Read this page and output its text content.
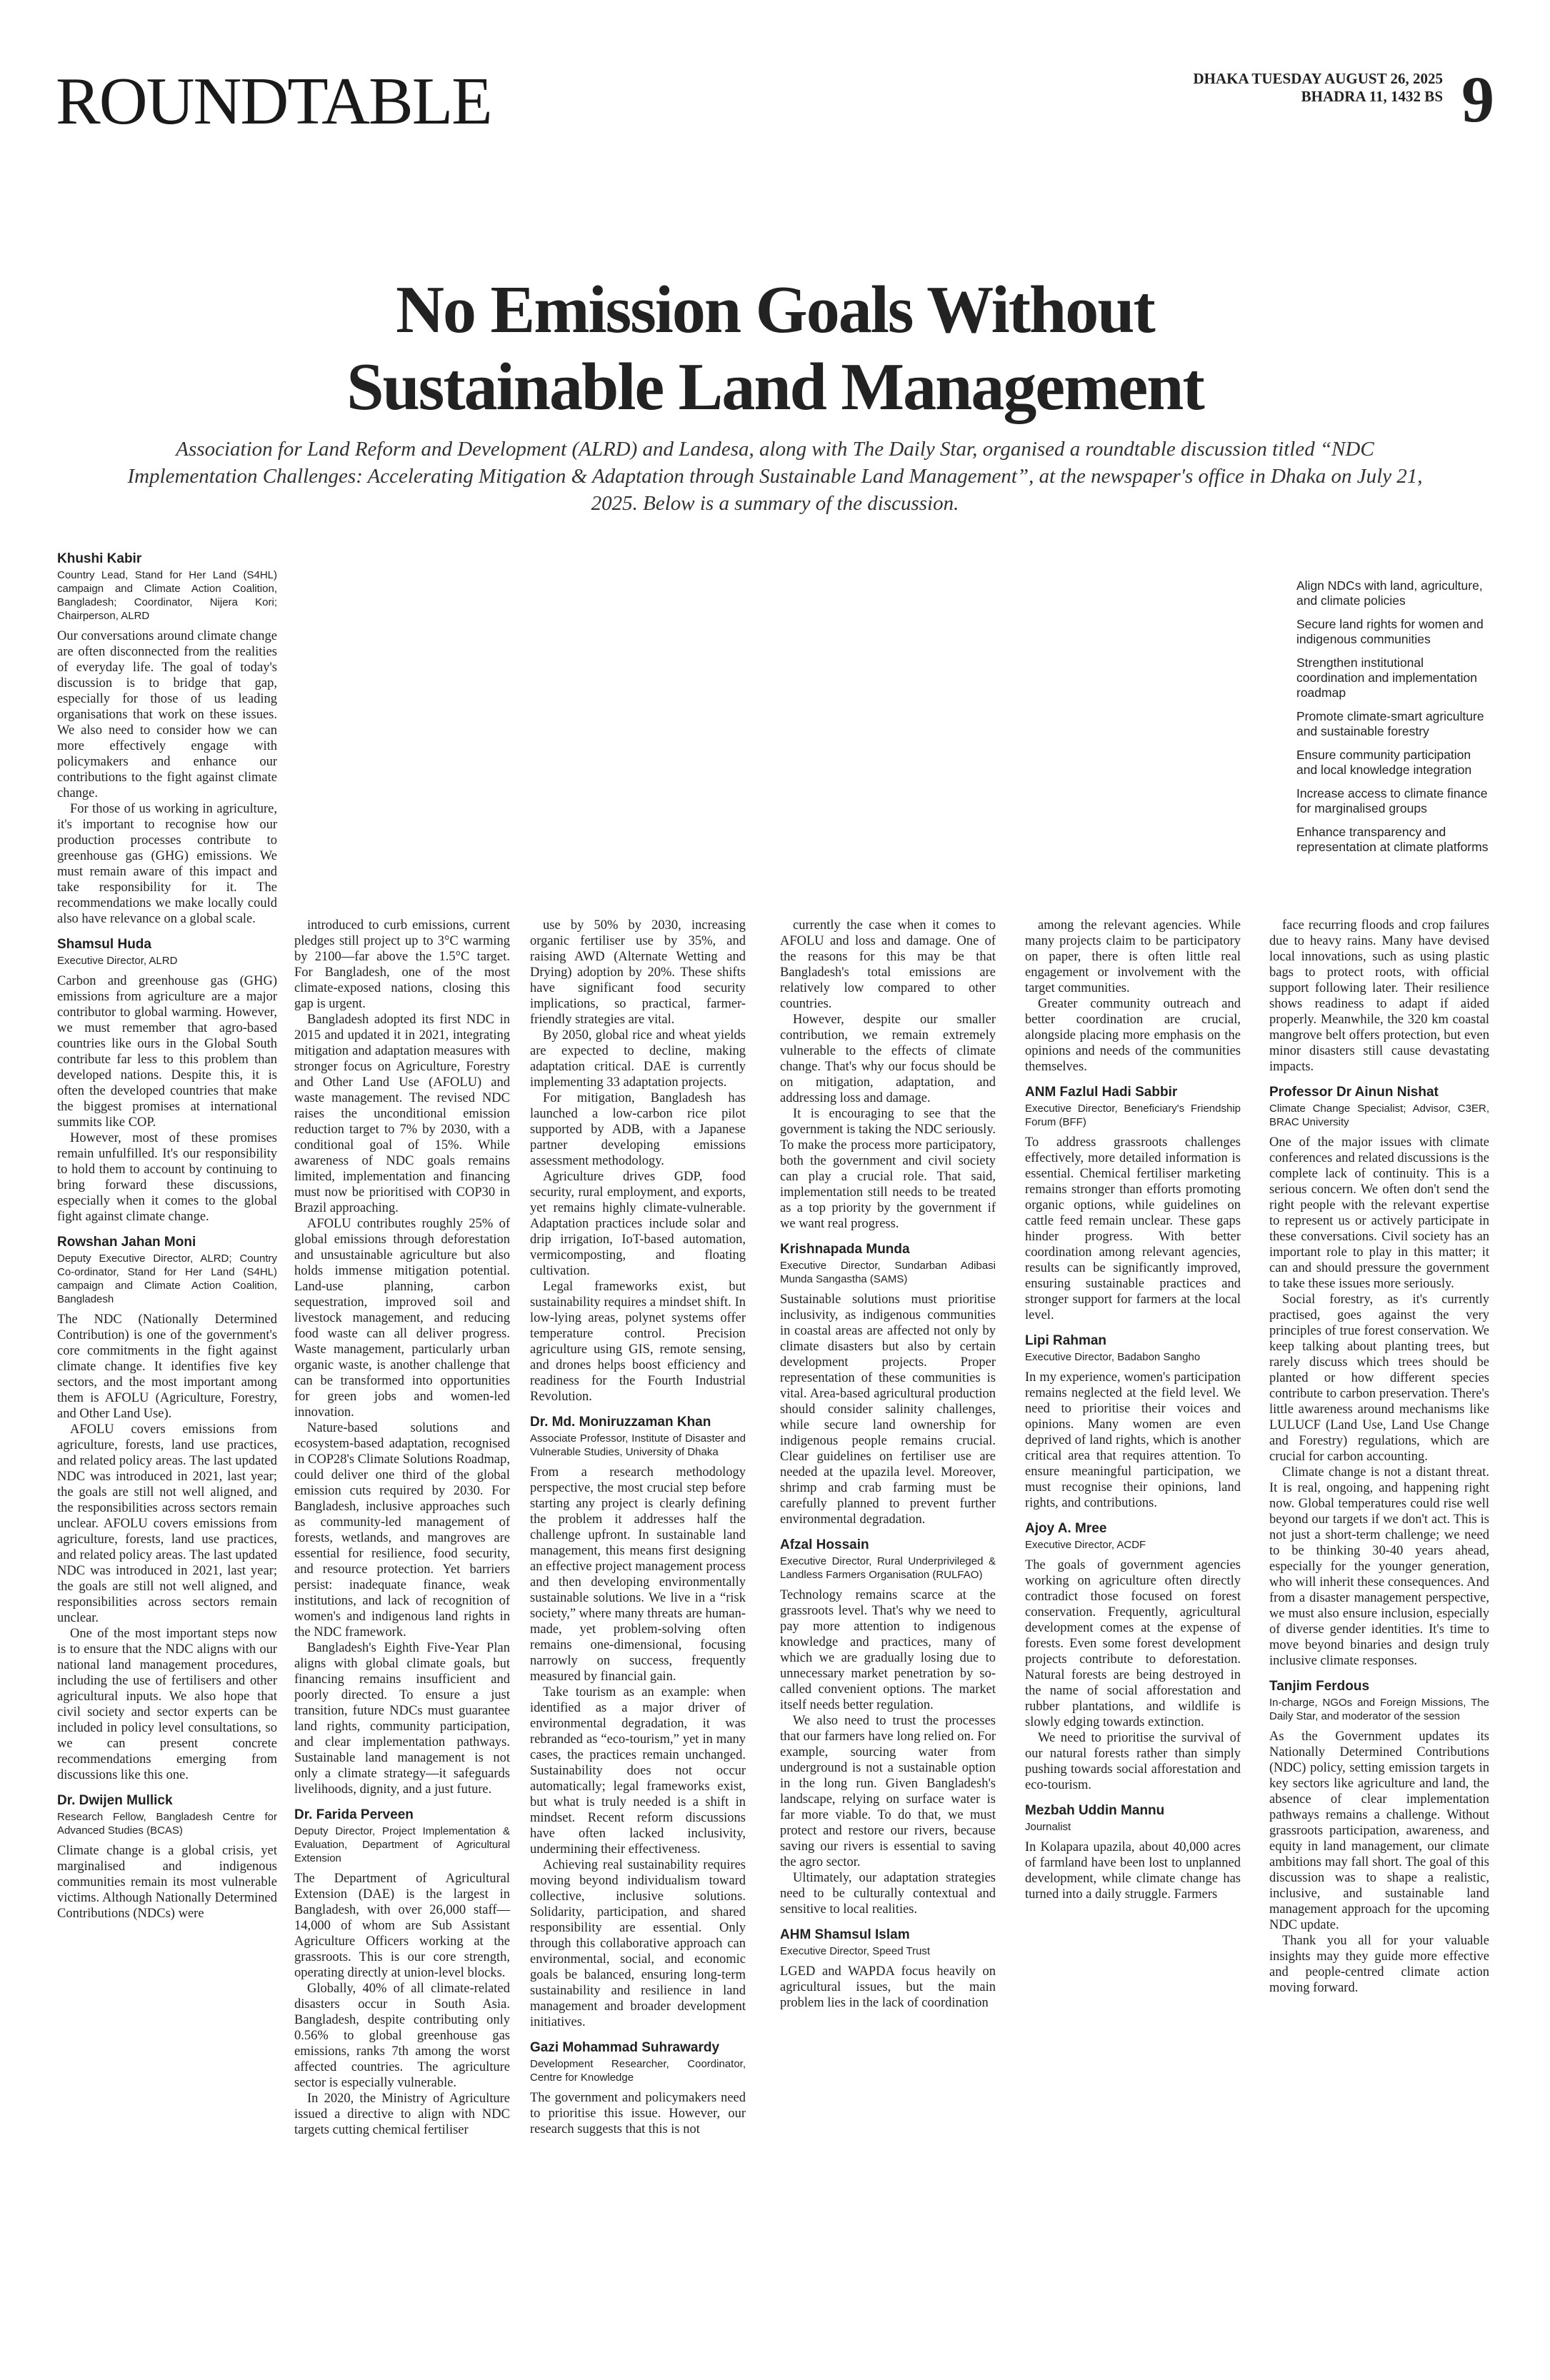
ROUNDTABLE	DHAKA TUESDAY AUGUST 26, 2025
BHADRA 11, 1432 BS 9
No Emission Goals Without
Sustainable Land Management
Association for Land Reform and Development (ALRD) and Landesa, along with The Daily Star, organised a roundtable discussion titled “NDC Implementation Challenges: Accelerating Mitigation & Adaptation through Sustainable Land Management”, at the newspaper's office in Dhaka on July 21, 2025. Below is a summary of the discussion.
Align NDCs with land, agriculture, and climate policies
Secure land rights for women and indigenous communities
Strengthen institutional coordination and implementation roadmap
Promote climate-smart agriculture and sustainable forestry
Ensure community participation and local knowledge integration
Increase access to climate finance for marginalised groups
Enhance transparency and representation at climate platforms
Khushi Kabir
Country Lead, Stand for Her Land (S4HL) campaign and Climate Action Coalition, Bangladesh; Coordinator, Nijera Kori; Chairperson, ALRD

Our conversations around climate change are often disconnected from the realities of everyday life. The goal of today's discussion is to bridge that gap, especially for those of us leading organisations that work on these issues. We also need to consider how we can more effectively engage with policymakers and enhance our contributions to the fight against climate change.

For those of us working in agriculture, it's important to recognise how our production processes contribute to greenhouse gas (GHG) emissions. We must remain aware of this impact and take responsibility for it. The recommendations we make locally could also have relevance on a global scale.

Shamsul Huda
Executive Director, ALRD

Carbon and greenhouse gas (GHG) emissions from agriculture are a major contributor to global warming. However, we must remember that agro-based countries like ours in the Global South contribute far less to this problem than developed nations. Despite this, it is often the developed countries that make the biggest promises at international summits like COP.

However, most of these promises remain unfulfilled. It's our responsibility to hold them to account by continuing to bring forward these discussions, especially when it comes to the global fight against climate change.

Rowshan Jahan Moni
Deputy Executive Director, ALRD; Country Co-ordinator, Stand for Her Land (S4HL) campaign and Climate Action Coalition, Bangladesh

The NDC (Nationally Determined Contribution) is one of the government's core commitments in the fight against climate change. It identifies five key sectors, and the most important among them is AFOLU (Agriculture, Forestry, and Other Land Use).

AFOLU covers emissions from agriculture, forests, land use practices, and related policy areas. The last updated NDC was introduced in 2021, last year; the goals are still not well aligned, and the responsibilities across sectors remain unclear. AFOLU covers emissions from agriculture, forests, land use practices, and related policy areas. The last updated NDC was introduced in 2021, last year; the goals are still not well aligned, and responsibilities across sectors remain unclear.

One of the most important steps now is to ensure that the NDC aligns with our national land management procedures, including the use of fertilisers and other agricultural inputs. We also hope that civil society and sector experts can be included in policy level consultations, so we can present concrete recommendations emerging from discussions like this one.

Dr. Dwijen Mullick
Research Fellow, Bangladesh Centre for Advanced Studies (BCAS)

Climate change is a global crisis, yet marginalised and indigenous communities remain its most vulnerable victims. Although Nationally Determined Contributions (NDCs) were

introduced to curb emissions, current pledges still project up to 3°C warming by 2100—far above the 1.5°C target. For Bangladesh, one of the most climate-exposed nations, closing this gap is urgent.

Bangladesh adopted its first NDC in 2015 and updated it in 2021, integrating mitigation and adaptation measures with stronger focus on Agriculture, Forestry and Other Land Use (AFOLU) and waste management. The revised NDC raises the unconditional emission reduction target to 7% by 2030, with a conditional goal of 15%. While awareness of NDC goals remains limited, implementation and financing must now be prioritised with COP30 in Brazil approaching.

AFOLU contributes roughly 25% of global emissions through deforestation and unsustainable agriculture but also holds immense mitigation potential. Land-use planning, carbon sequestration, improved soil and livestock management, and reducing food waste can all deliver progress. Waste management, particularly urban organic waste, is another challenge that can be transformed into opportunities for green jobs and women-led innovation.

Nature-based solutions and ecosystem-based adaptation, recognised in COP28's Climate Solutions Roadmap, could deliver one third of the global emission cuts required by 2030. For Bangladesh, inclusive approaches such as community-led management of forests, wetlands, and mangroves are essential for resilience, food security, and resource protection. Yet barriers persist: inadequate finance, weak institutions, and lack of recognition of women's and indigenous land rights in the NDC framework.

Bangladesh's Eighth Five-Year Plan aligns with global climate goals, but financing remains insufficient and poorly directed. To ensure a just transition, future NDCs must guarantee land rights, community participation, and clear implementation pathways. Sustainable land management is not only a climate strategy—it safeguards livelihoods, dignity, and a just future.

Dr. Farida Perveen
Deputy Director, Project Implementation & Evaluation, Department of Agricultural Extension

The Department of Agricultural Extension (DAE) is the largest in Bangladesh, with over 26,000 staff—14,000 of whom are Sub Assistant Agriculture Officers working at the grassroots. This is our core strength, operating directly at union-level blocks.

Globally, 40% of all climate-related disasters occur in South Asia. Bangladesh, despite contributing only 0.56% to global greenhouse gas emissions, ranks 7th among the worst affected countries. The agriculture sector is especially vulnerable.

In 2020, the Ministry of Agriculture issued a directive to align with NDC targets cutting chemical fertiliser

use by 50% by 2030, increasing organic fertiliser use by 35%, and raising AWD (Alternate Wetting and Drying) adoption by 20%. These shifts have significant food security implications, so practical, farmer-friendly strategies are vital.

By 2050, global rice and wheat yields are expected to decline, making adaptation critical. DAE is currently implementing 33 adaptation projects.

For mitigation, Bangladesh has launched a low-carbon rice pilot supported by ADB, with a Japanese partner developing emissions assessment methodology.

Agriculture drives GDP, food security, rural employment, and exports, yet remains highly climate-vulnerable. Adaptation practices include solar and drip irrigation, IoT-based automation, vermicomposting, and floating cultivation.

Legal frameworks exist, but sustainability requires a mindset shift. In low-lying areas, polynet systems offer temperature control. Precision agriculture using GIS, remote sensing, and drones helps boost efficiency and readiness for the Fourth Industrial Revolution.

Dr. Md. Moniruzzaman Khan
Associate Professor, Institute of Disaster and Vulnerable Studies, University of Dhaka

From a research methodology perspective, the most crucial step before starting any project is clearly defining the problem it addresses half the challenge upfront. In sustainable land management, this means first designing an effective project management process and then developing environmentally sustainable solutions. We live in a “risk society,” where many threats are human-made, yet problem-solving often remains one-dimensional, focusing narrowly on success, frequently measured by financial gain.

Take tourism as an example: when identified as a major driver of environmental degradation, it was rebranded as “eco-tourism,” yet in many cases, the practices remain unchanged. Sustainability does not occur automatically; legal frameworks exist, but what is truly needed is a shift in mindset. Recent reform discussions have often lacked inclusivity, undermining their effectiveness.

Achieving real sustainability requires moving beyond individualism toward collective, inclusive solutions. Solidarity, participation, and shared responsibility are essential. Only through this collaborative approach can environmental, social, and economic goals be balanced, ensuring long-term sustainability and resilience in land management and broader development initiatives.

Gazi Mohammad Suhrawardy
Development Researcher, Coordinator, Centre for Knowledge

The government and policymakers need to prioritise this issue. However, our research suggests that this is not

currently the case when it comes to AFOLU and loss and damage. One of the reasons for this may be that Bangladesh's total emissions are relatively low compared to other countries.

However, despite our smaller contribution, we remain extremely vulnerable to the effects of climate change. That's why our focus should be on mitigation, adaptation, and addressing loss and damage.

It is encouraging to see that the government is taking the NDC seriously. To make the process more participatory, both the government and civil society can play a crucial role. That said, implementation still needs to be treated as a top priority by the government if we want real progress.

Krishnapada Munda
Executive Director, Sundarban Adibasi Munda Sangastha (SAMS)

Sustainable solutions must prioritise inclusivity, as indigenous communities in coastal areas are affected not only by climate disasters but also by certain development projects. Proper representation of these communities is vital. Area-based agricultural production should consider salinity challenges, while secure land ownership for indigenous people remains crucial. Clear guidelines on fertiliser use are needed at the upazila level. Moreover, shrimp and crab farming must be carefully planned to prevent further environmental degradation.

Afzal Hossain
Executive Director, Rural Underprivileged & Landless Farmers Organisation (RULFAO)

Technology remains scarce at the grassroots level. That's why we need to pay more attention to indigenous knowledge and practices, many of which we are gradually losing due to unnecessary market penetration by so-called convenient options. The market itself needs better regulation.

We also need to trust the processes that our farmers have long relied on. For example, sourcing water from underground is not a sustainable option in the long run. Given Bangladesh's landscape, relying on surface water is far more viable. To do that, we must protect and restore our rivers, because saving our rivers is essential to saving the agro sector.

Ultimately, our adaptation strategies need to be culturally contextual and sensitive to local realities.

AHM Shamsul Islam
Executive Director, Speed Trust

LGED and WAPDA focus heavily on agricultural issues, but the main problem lies in the lack of coordination

among the relevant agencies. While many projects claim to be participatory on paper, there is often little real engagement or involvement with the target communities.

Greater community outreach and better coordination are crucial, alongside placing more emphasis on the opinions and needs of the communities themselves.

ANM Fazlul Hadi Sabbir
Executive Director, Beneficiary's Friendship Forum (BFF)

To address grassroots challenges effectively, more detailed information is essential. Chemical fertiliser marketing remains stronger than efforts promoting organic options, while guidelines on cattle feed remain unclear. These gaps hinder progress. With better coordination among relevant agencies, results can be significantly improved, ensuring sustainable practices and stronger support for farmers at the local level.

Lipi Rahman
Executive Director, Badabon Sangho

In my experience, women's participation remains neglected at the field level. We need to prioritise their voices and opinions. Many women are even deprived of land rights, which is another critical area that requires attention. To ensure meaningful participation, we must recognise their opinions, land rights, and contributions.

Ajoy A. Mree
Executive Director, ACDF

The goals of government agencies working on agriculture often directly contradict those focused on forest conservation. Frequently, agricultural development comes at the expense of forests. Even some forest development projects contribute to deforestation. Natural forests are being destroyed in the name of social afforestation and rubber plantations, and wildlife is slowly edging towards extinction.

We need to prioritise the survival of our natural forests rather than simply pushing towards social afforestation and eco-tourism.

Mezbah Uddin Mannu
Journalist

In Kolapara upazila, about 40,000 acres of farmland have been lost to unplanned development, while climate change has turned into a daily struggle. Farmers

face recurring floods and crop failures due to heavy rains. Many have devised local innovations, such as using plastic bags to protect roots, with official support following later. Their resilience shows readiness to adapt if aided properly. Meanwhile, the 320 km coastal mangrove belt offers protection, but even minor disasters still cause devastating impacts.

Professor Dr Ainun Nishat
Climate Change Specialist; Advisor, C3ER, BRAC University

One of the major issues with climate conferences and related discussions is the complete lack of continuity. This is a serious concern. We often don't send the right people with the relevant expertise to represent us or actively participate in these conversations. Civil society has an important role to play in this matter; it can and should pressure the government to take these issues more seriously.

Social forestry, as it's currently practised, goes against the very principles of true forest conservation. We keep talking about planting trees, but rarely discuss which trees should be planted or how different species contribute to carbon preservation. There's little awareness around mechanisms like LULUCF (Land Use, Land Use Change and Forestry) regulations, which are crucial for carbon accounting.

Climate change is not a distant threat. It is real, ongoing, and happening right now. Global temperatures could rise well beyond our targets if we don't act. This is not just a short-term challenge; we need to be thinking 30-40 years ahead, especially for the younger generation, who will inherit these consequences. And from a disaster management perspective, we must also ensure inclusion, especially of diverse gender identities. It's time to move beyond binaries and design truly inclusive climate responses.

Tanjim Ferdous
In-charge, NGOs and Foreign Missions, The Daily Star, and moderator of the session

As the Government updates its Nationally Determined Contributions (NDC) policy, setting emission targets in key sectors like agriculture and land, the absence of clear implementation pathways remains a challenge. Without grassroots participation, awareness, and equity in land management, our climate ambitions may fall short. The goal of this discussion was to shape a realistic, inclusive, and sustainable land management approach for the upcoming NDC update.

Thank you all for your valuable insights may they guide more effective and people-centred climate action moving forward.
